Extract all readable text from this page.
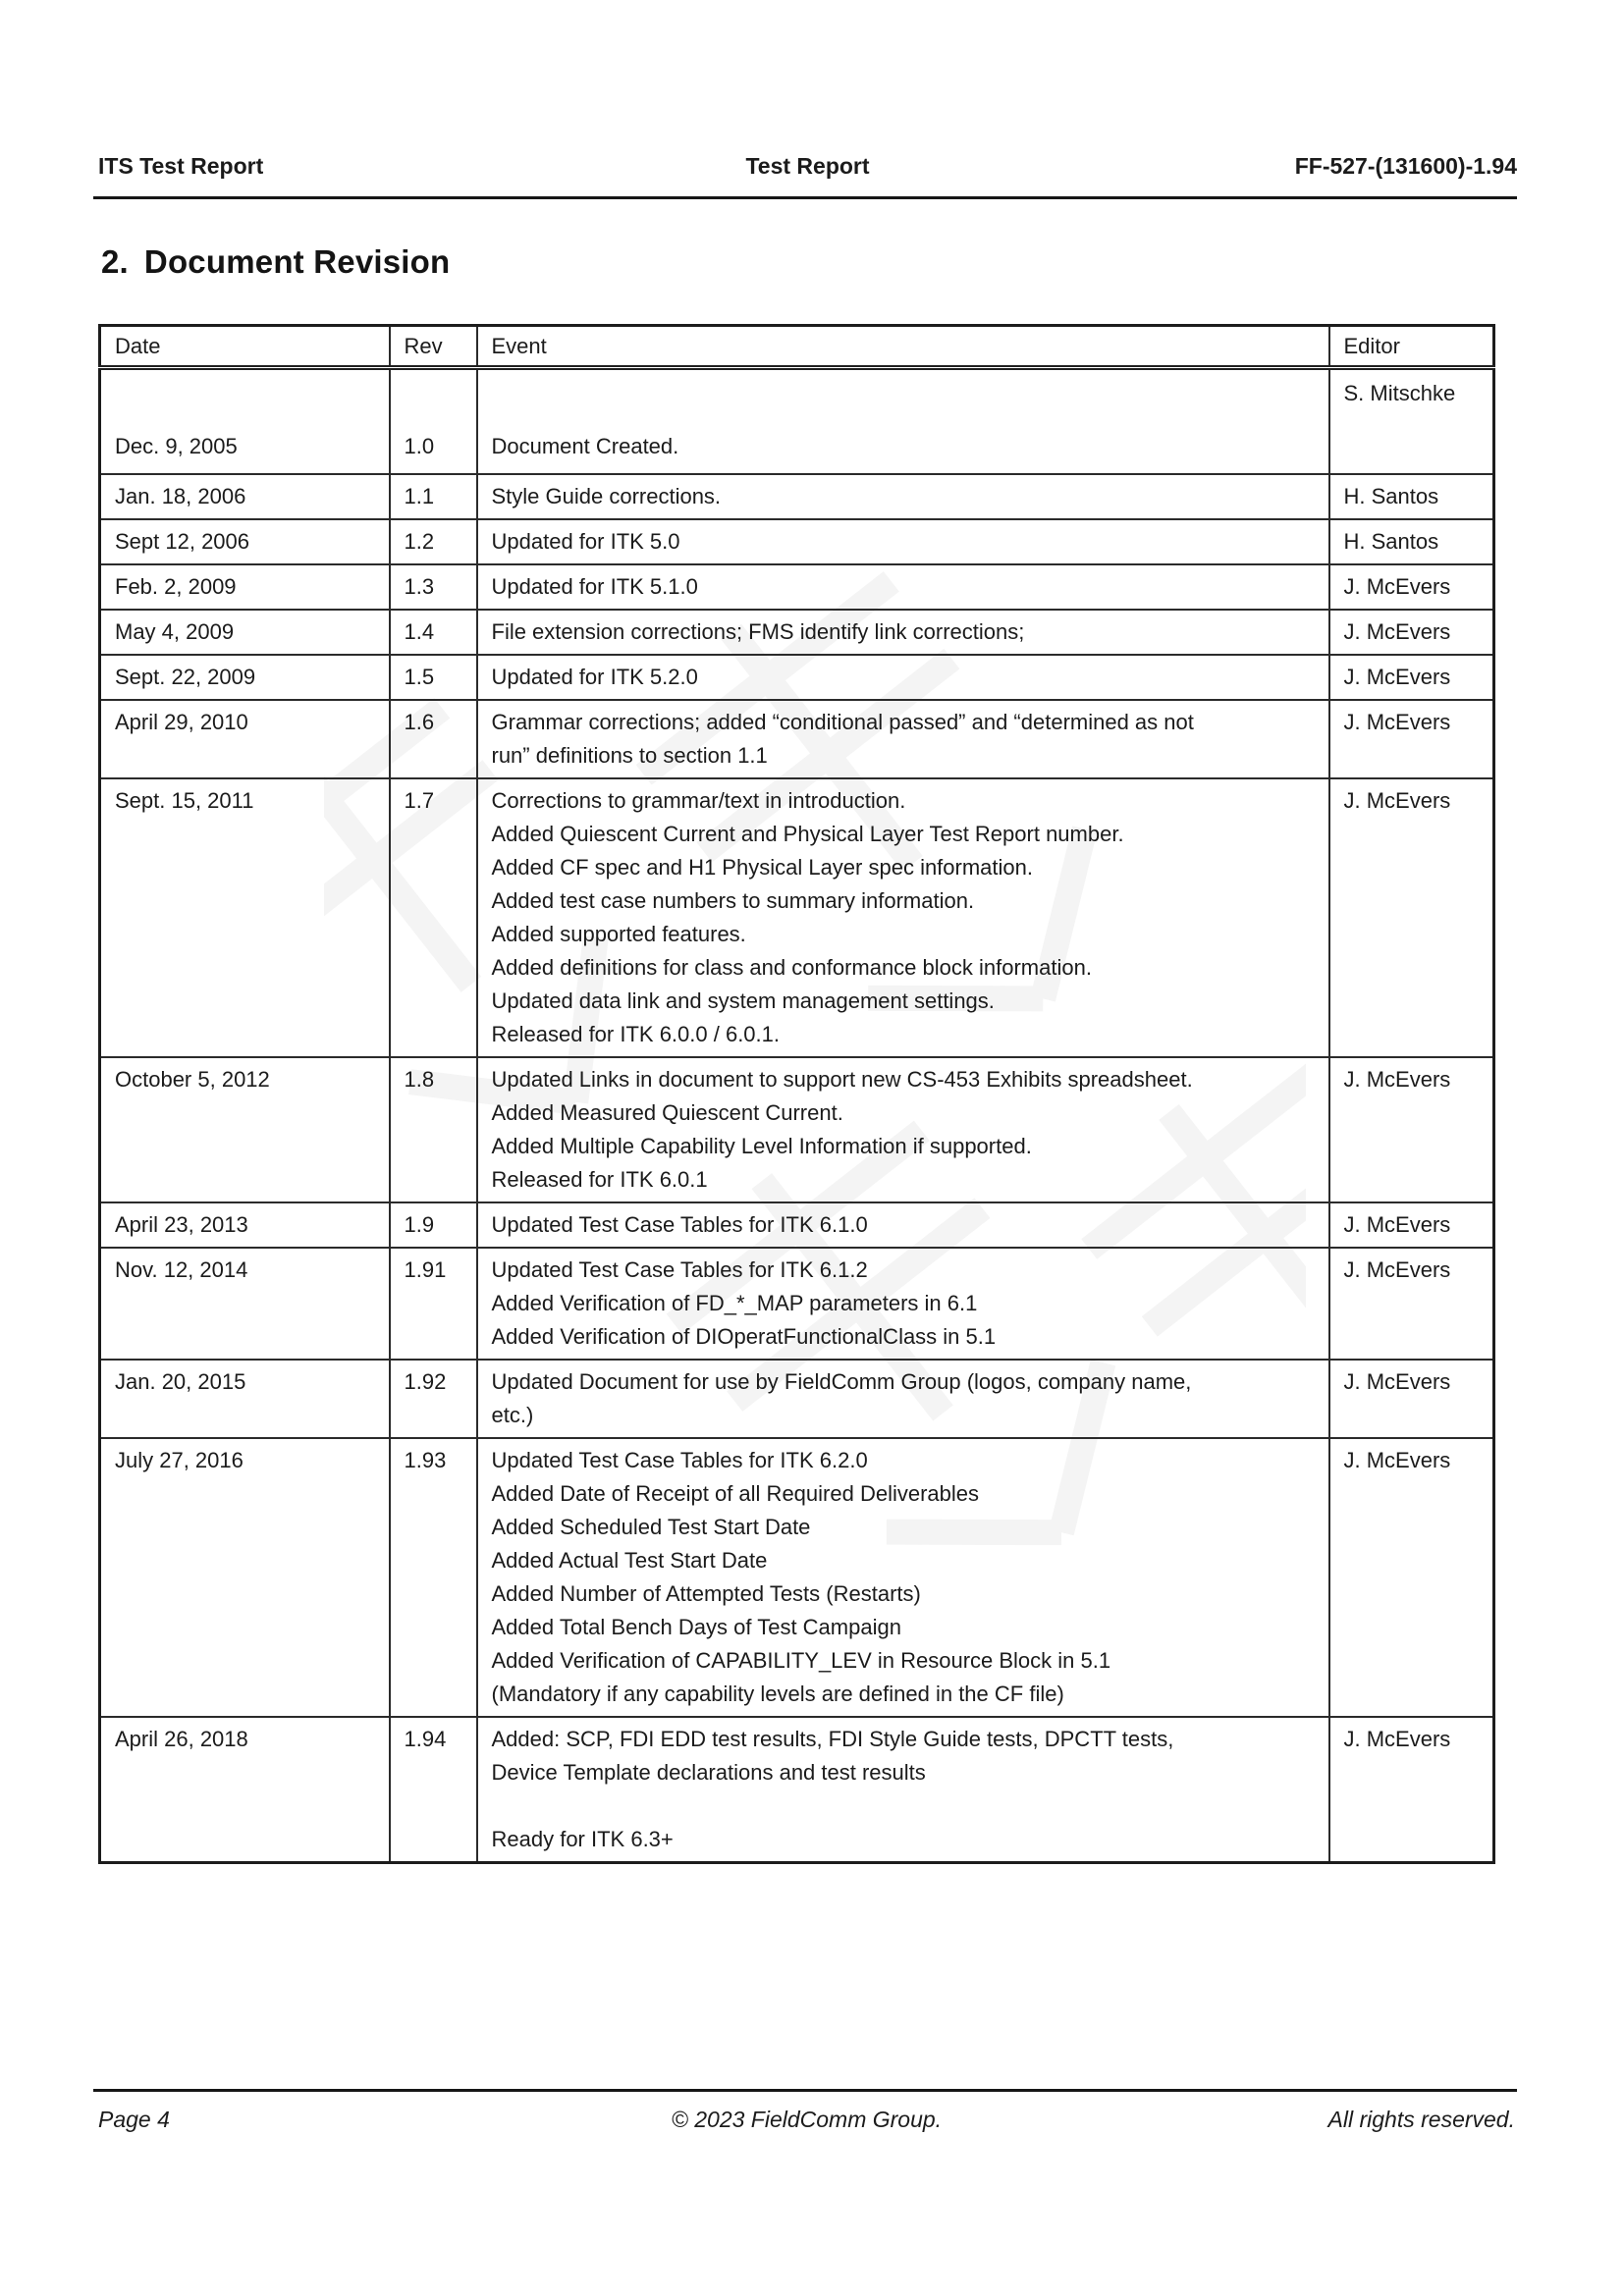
ITS Test Report	Test Report	FF-527-(131600)-1.94
2. Document Revision
Date	Rev	Event	Editor
Dec. 9, 2005	1.0	Document Created.	S. Mitschke
Jan. 18, 2006	1.1	Style Guide corrections.	H. Santos
Sept 12, 2006	1.2	Updated for ITK 5.0	H. Santos
Feb. 2, 2009	1.3	Updated for ITK 5.1.0	J. McEvers
May 4, 2009	1.4	File extension corrections; FMS identify link corrections;	J. McEvers
Sept. 22, 2009	1.5	Updated for ITK 5.2.0	J. McEvers
April 29, 2010	1.6	Grammar corrections; added “conditional passed” and “determined as not
run” definitions to section 1.1	J. McEvers
Sept. 15, 2011	1.7	Corrections to grammar/text in introduction.
Added Quiescent Current and Physical Layer Test Report number.
Added CF spec and H1 Physical Layer spec information.
Added test case numbers to summary information.
Added supported features.
Added definitions for class and conformance block information.
Updated data link and system management settings.
Released for ITK 6.0.0 / 6.0.1.
	J. McEvers
October 5, 2012	1.8	Updated Links in document to support new CS-453 Exhibits spreadsheet.
Added Measured Quiescent Current.
Added Multiple Capability Level Information if supported.
Released for ITK 6.0.1	J. McEvers
April 23, 2013	1.9	Updated Test Case Tables for ITK 6.1.0	J. McEvers
Nov. 12, 2014	1.91	Updated Test Case Tables for ITK 6.1.2
Added Verification of FD_*_MAP parameters in 6.1
Added Verification of DIOperatFunctionalClass in 5.1	J. McEvers
Jan. 20, 2015	1.92	Updated Document for use by FieldComm Group (logos, company name,
etc.)	J. McEvers
July 27, 2016	1.93	Updated Test Case Tables for ITK 6.2.0
Added Date of Receipt of all Required Deliverables
Added Scheduled Test Start Date
Added Actual Test Start Date
Added Number of Attempted Tests (Restarts)
Added Total Bench Days of Test Campaign
Added Verification of CAPABILITY_LEV in Resource Block in 5.1
(Mandatory if any capability levels are defined in the CF file)
	J. McEvers
April 26, 2018	1.94	Added: SCP, FDI EDD test results, FDI Style Guide tests, DPCTT tests,
Device Template declarations and test results
Ready for ITK 6.3+	J. McEvers
Page 4	© 2023 FieldComm Group.	All rights reserved.
